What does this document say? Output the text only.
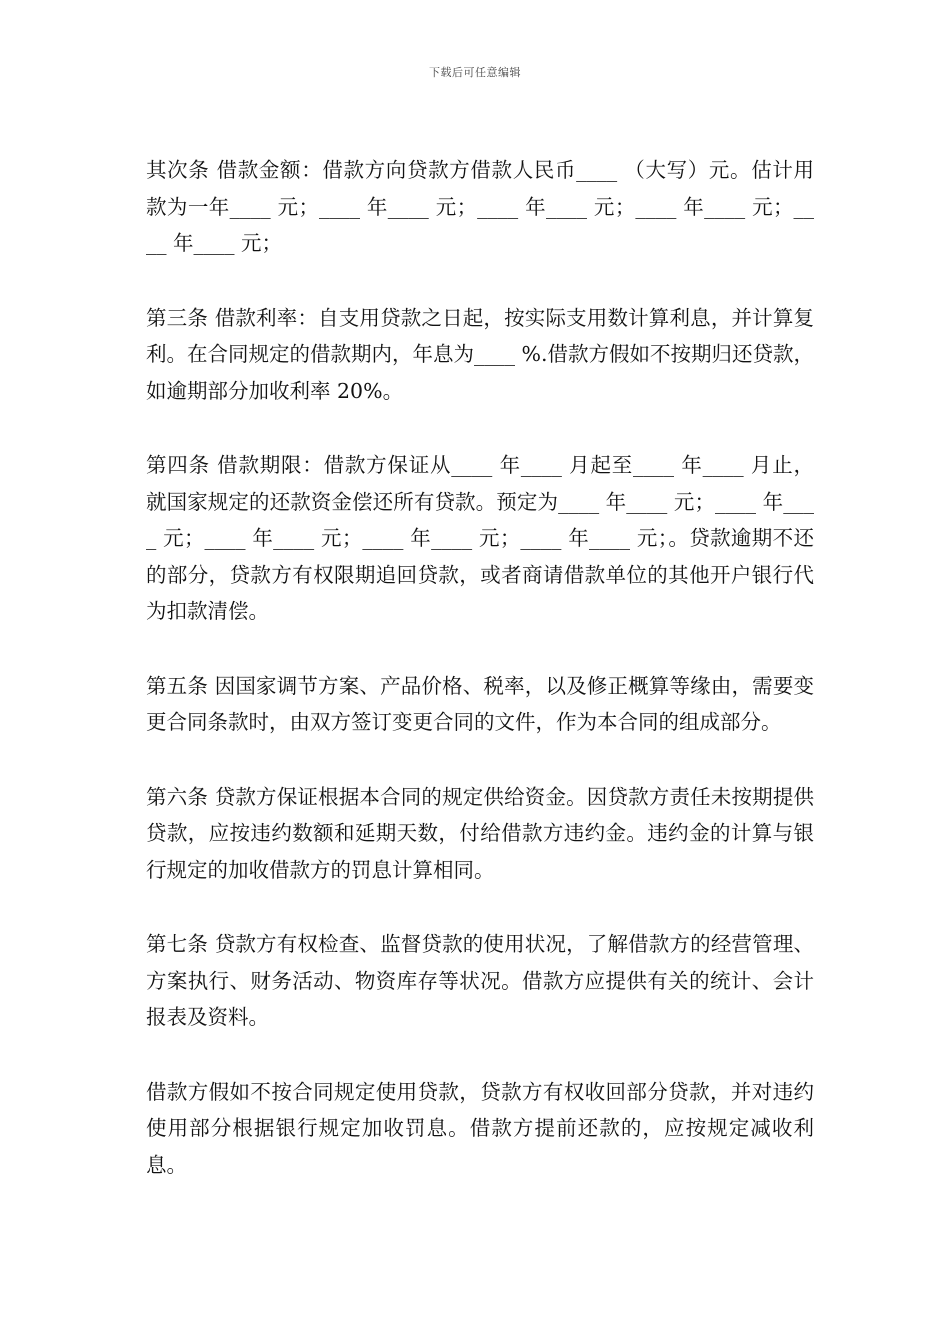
下载后可任意编辑

其次条 借款金额：借款方向贷款方借款人民币____ （大写）元。估计用款为一年____ 元；____ 年____ 元；____ 年____ 元；____ 年____ 元；____ 年____ 元；

第三条 借款利率：自支用贷款之日起，按实际支用数计算利息，并计算复利。在合同规定的借款期内，年息为____ %.借款方假如不按期归还贷款，如逾期部分加收利率 20%。

第四条 借款期限：借款方保证从____ 年____ 月起至____ 年____ 月止，就国家规定的还款资金偿还所有贷款。预定为____ 年____ 元；____ 年____ 元；____ 年____ 元；____ 年____ 元；____ 年____ 元；。贷款逾期不还的部分，贷款方有权限期追回贷款，或者商请借款单位的其他开户银行代为扣款清偿。

第五条 因国家调节方案、产品价格、税率，以及修正概算等缘由，需要变更合同条款时，由双方签订变更合同的文件，作为本合同的组成部分。

第六条 贷款方保证根据本合同的规定供给资金。因贷款方责任未按期提供贷款，应按违约数额和延期天数，付给借款方违约金。违约金的计算与银行规定的加收借款方的罚息计算相同。

第七条 贷款方有权检查、监督贷款的使用状况，了解借款方的经营管理、方案执行、财务活动、物资库存等状况。借款方应提供有关的统计、会计报表及资料。

借款方假如不按合同规定使用贷款，贷款方有权收回部分贷款，并对违约使用部分根据银行规定加收罚息。借款方提前还款的，应按规定减收利息。
